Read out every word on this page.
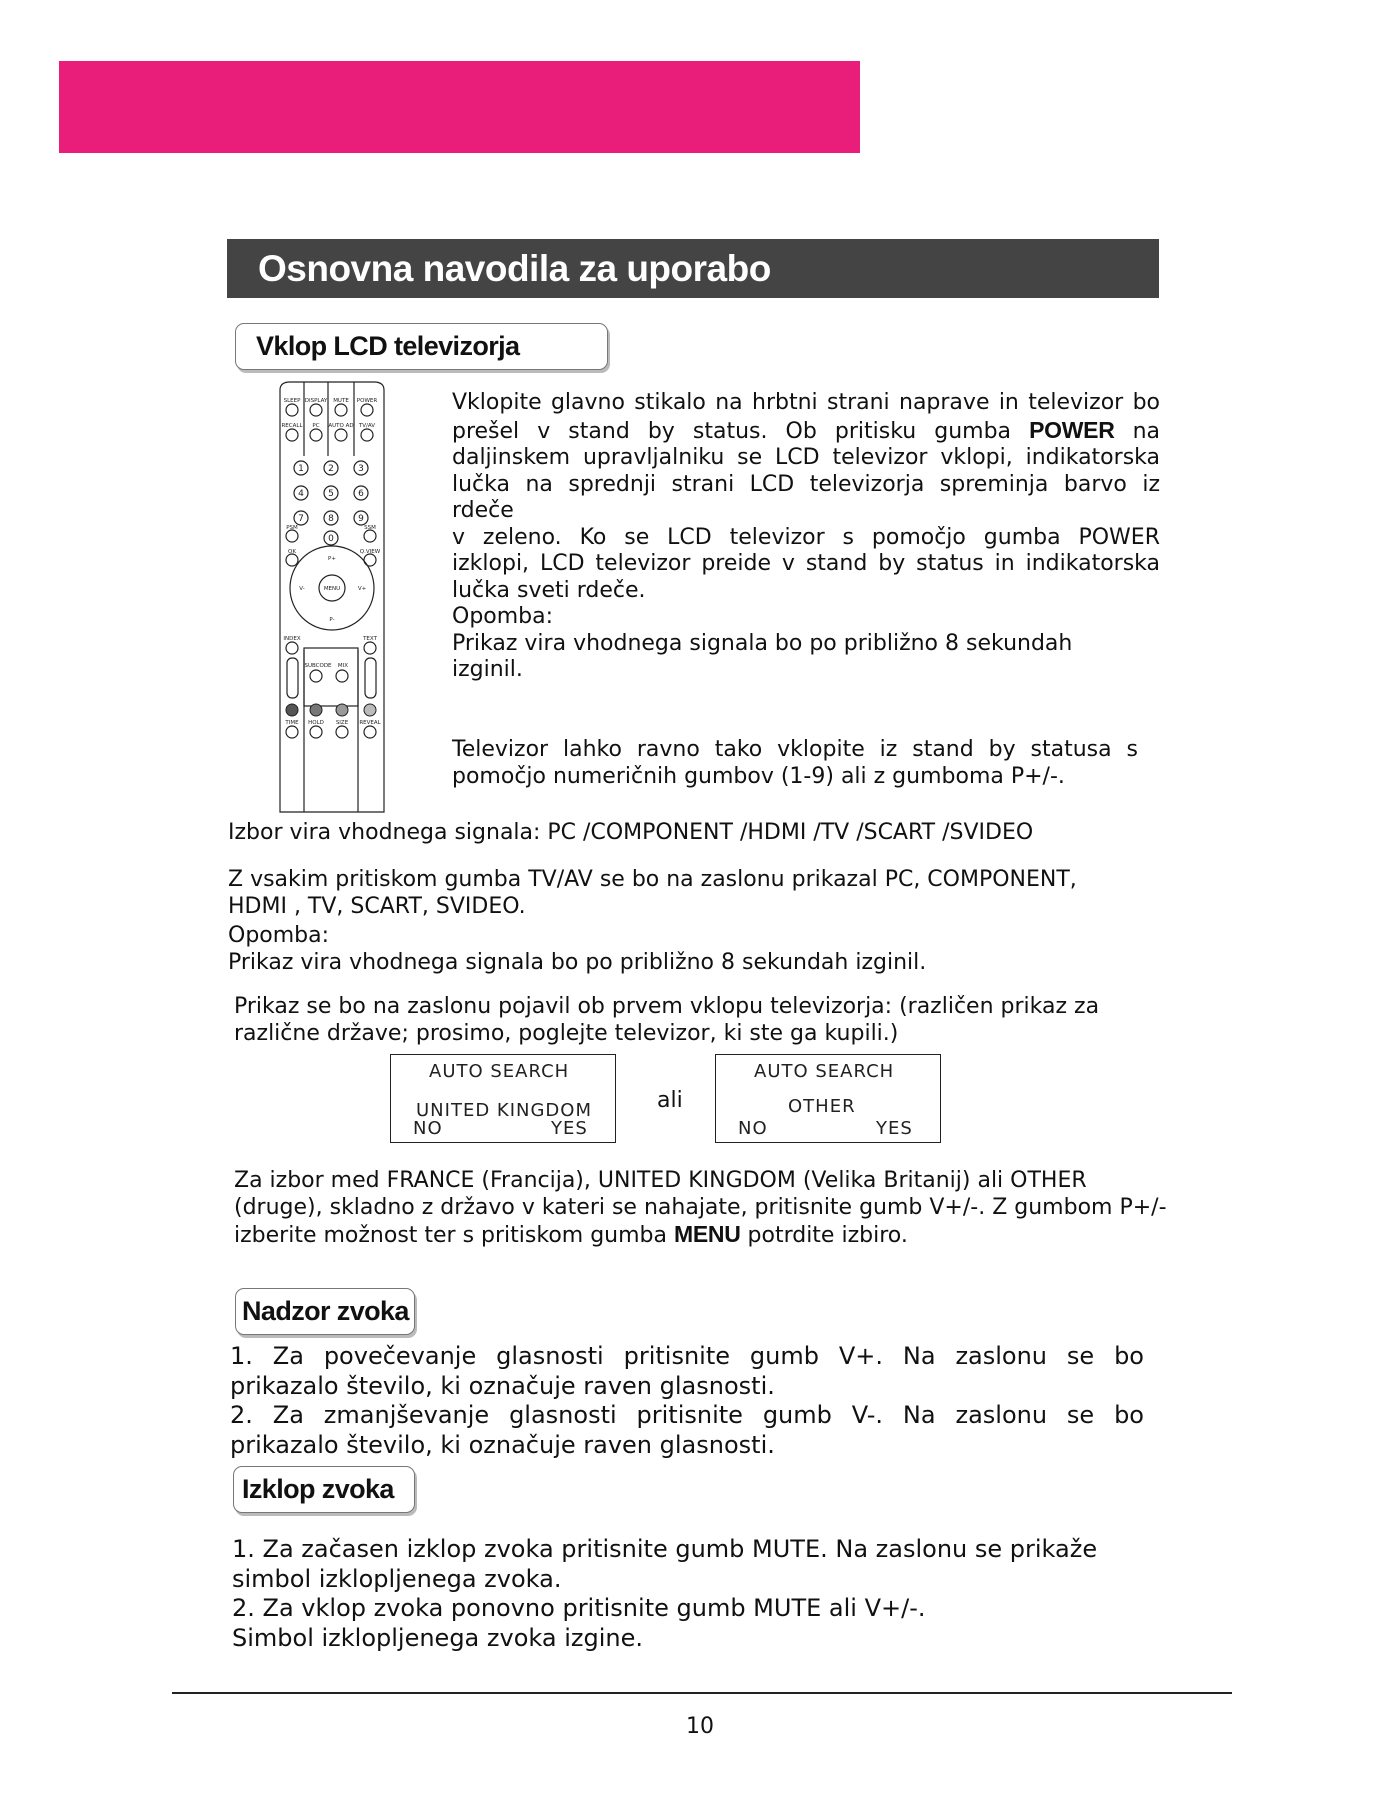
Osnovna navodila za uporabo
Vklop LCD televizorja
SLEEP DISPLAY MUTE POWER
RECALL PC AUTO AD TV/AV
PSM	SSM
OK	Q.VIEW
P+
P-
V-	V+
MENU
INDEX	TEXT
SUBCODE MIX
TIME HOLD SIZE REVEAL
1	2	3
4	5	6
7	8	9
0
Vklopite glavno stikalo na hrbtni strani naprave in televizor bo
prešel v stand by status. Ob pritisku gumba POWER na
daljinskem upravljalniku se LCD televizor vklopi, indikatorska
lučka na sprednji strani LCD televizorja spreminja barvo iz rdeče
v zeleno. Ko se LCD televizor s pomočjo gumba POWER
izklopi, LCD televizor preide v stand by status in indikatorska
lučka sveti rdeče.
Opomba:
Prikaz vira vhodnega signala bo po približno 8 sekundah
izginil.
Televizor lahko ravno tako vklopite iz stand by statusa s
pomočjo numeričnih gumbov (1-9) ali z gumboma P+/-.
Izbor vira vhodnega signala: PC /COMPONENT /HDMI /TV /SCART /SVIDEO
Z vsakim pritiskom gumba TV/AV se bo na zaslonu prikazal PC, COMPONENT,
HDMI , TV, SCART, SVIDEO.
Opomba:
Prikaz vira vhodnega signala bo po približno 8 sekundah izginil.
Prikaz se bo na zaslonu pojavil ob prvem vklopu televizorja: (različen prikaz za
različne države; prosimo, poglejte televizor, ki ste ga kupili.)
AUTO SEARCH
UNITED KINGDOM
NO	YES
ali
AUTO SEARCH
OTHER
NO	YES
Za izbor med FRANCE (Francija), UNITED KINGDOM (Velika Britanij) ali OTHER
(druge), skladno z državo v kateri se nahajate, pritisnite gumb V+/-. Z gumbom P+/-
izberite možnost ter s pritiskom gumba MENU potrdite izbiro.
Nadzor zvoka
1. Za povečevanje glasnosti pritisnite gumb V+. Na zaslonu se bo
prikazalo število, ki označuje raven glasnosti.
2. Za zmanjševanje glasnosti pritisnite gumb V-. Na zaslonu se bo
prikazalo število, ki označuje raven glasnosti.
Izklop zvoka
1. Za začasen izklop zvoka pritisnite gumb MUTE. Na zaslonu se prikaže
simbol izklopljenega zvoka.
2. Za vklop zvoka ponovno pritisnite gumb MUTE ali V+/-.
Simbol izklopljenega zvoka izgine.
10
